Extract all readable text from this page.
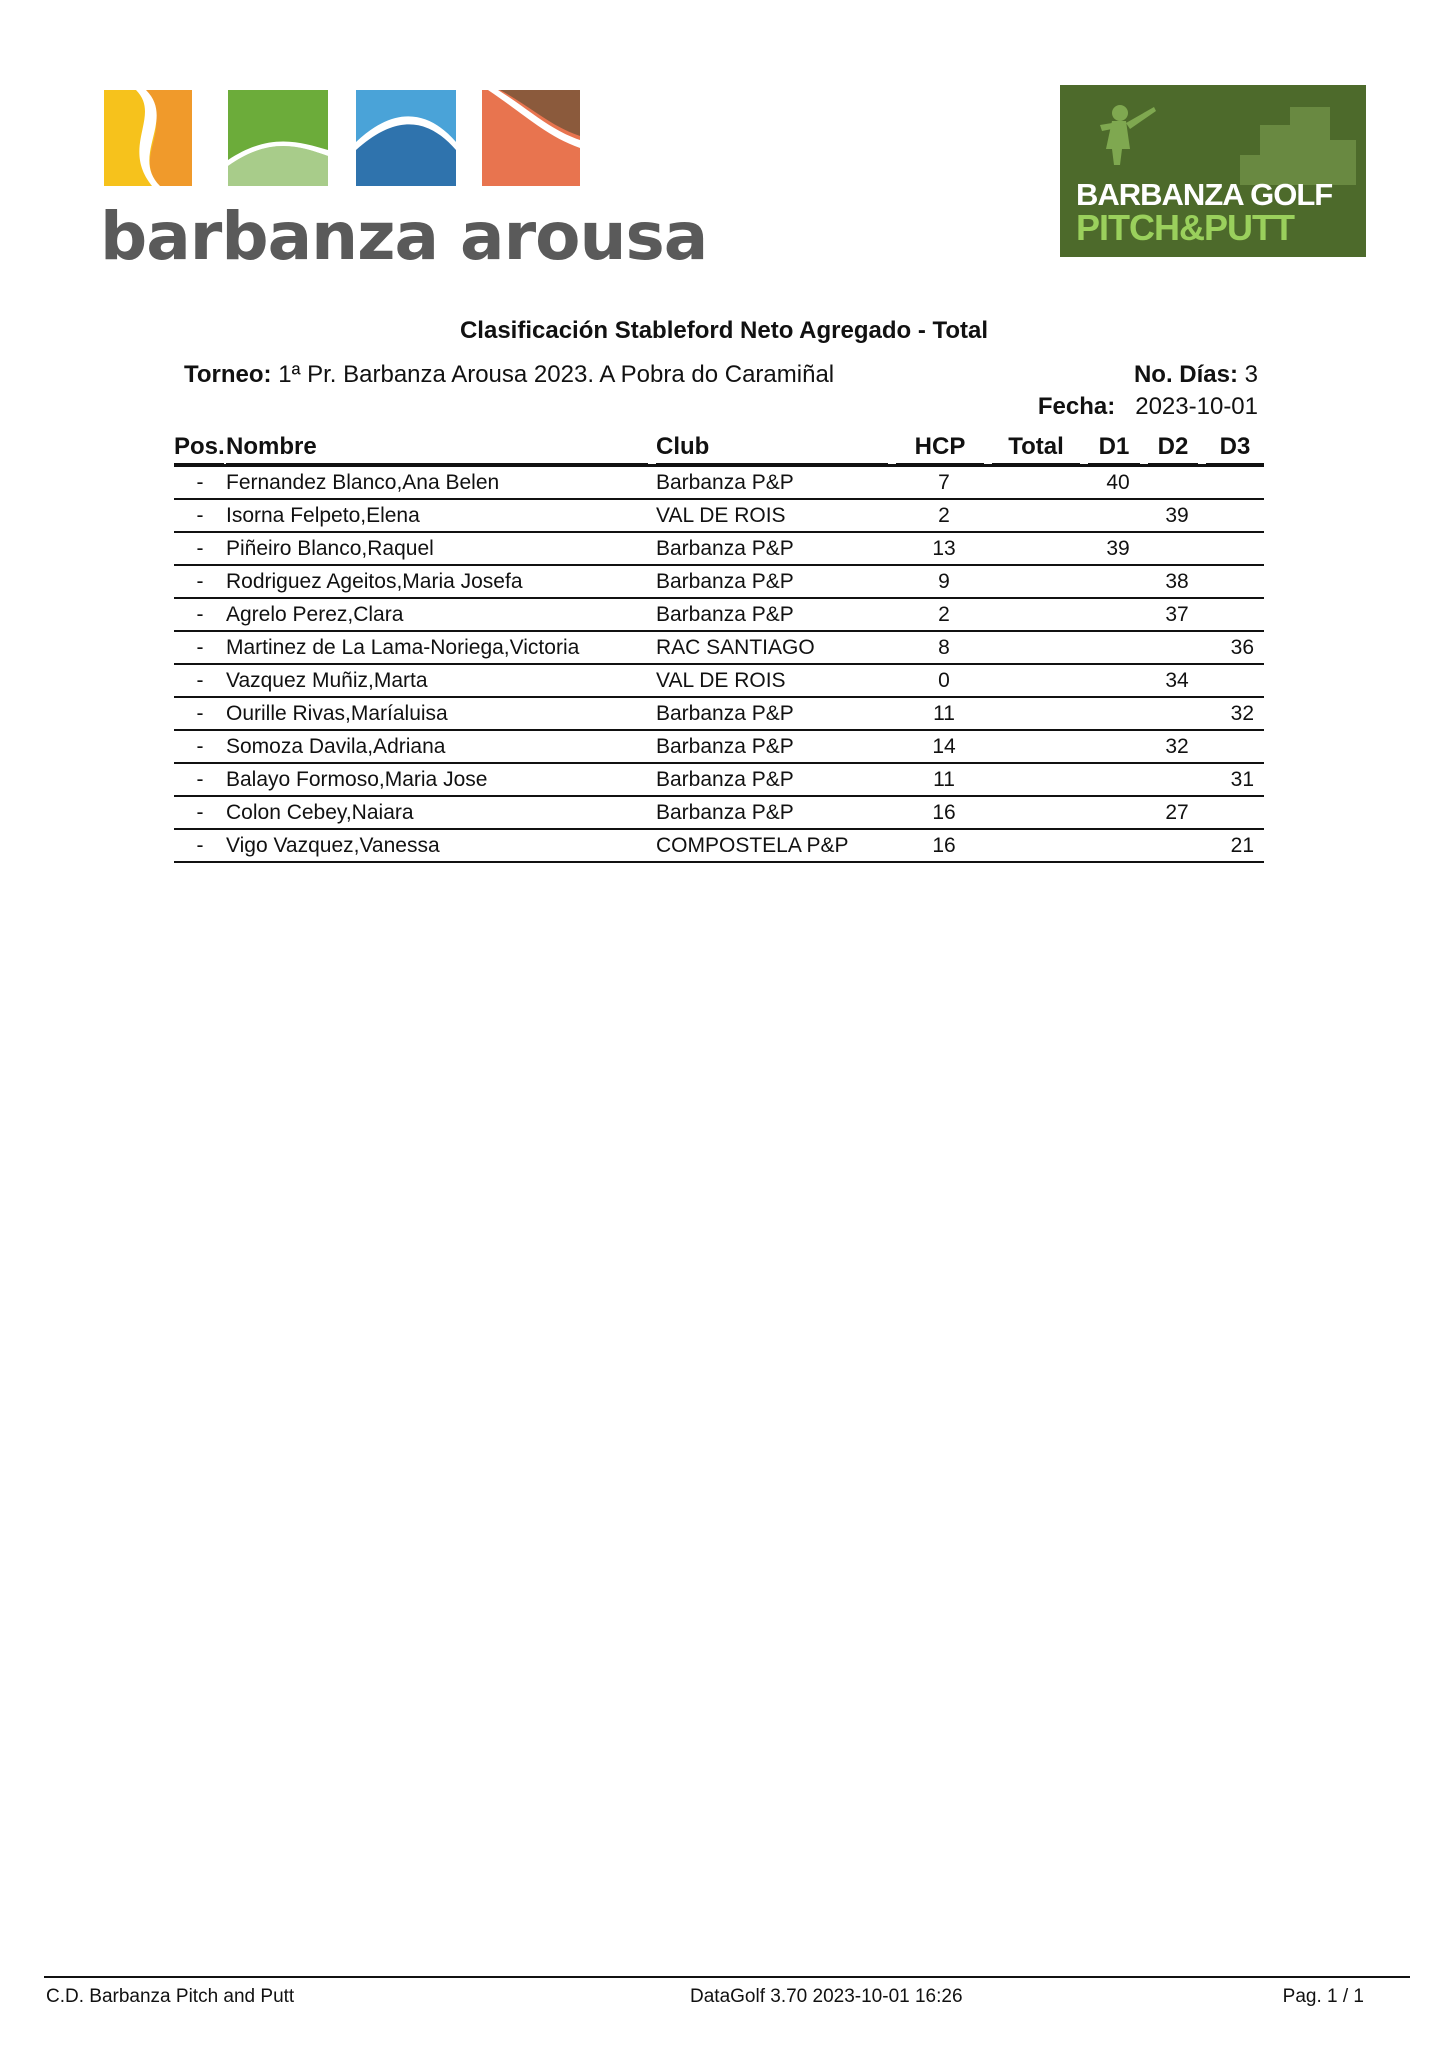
barbanza arousa
BARBANZA GOLF
PITCH&PUTT
Clasificación Stableford Neto Agregado - Total
Torneo: 1ª Pr. Barbanza Arousa 2023. A Pobra do Caramiñal	No. Días: 3
Fecha: 2023-10-01
Pos.	Nombre	Club	HCP	Total	D1	D2	D3

-	Fernandez Blanco,Ana Belen	Barbanza P&P	7		40		
-	Isorna Felpeto,Elena	VAL DE ROIS	2			39	
-	Piñeiro Blanco,Raquel	Barbanza P&P	13		39		
-	Rodriguez Ageitos,Maria Josefa	Barbanza P&P	9			38	
-	Agrelo Perez,Clara	Barbanza P&P	2			37	
-	Martinez de La Lama-Noriega,Victoria	RAC SANTIAGO	8				36
-	Vazquez Muñiz,Marta	VAL DE ROIS	0			34	
-	Ourille Rivas,Maríaluisa	Barbanza P&P	11				32
-	Somoza Davila,Adriana	Barbanza P&P	14			32	
-	Balayo Formoso,Maria Jose	Barbanza P&P	11				31
-	Colon Cebey,Naiara	Barbanza P&P	16			27	
-	Vigo Vazquez,Vanessa	COMPOSTELA P&P	16				21
C.D. Barbanza Pitch and Putt	DataGolf 3.70 2023-10-01 16:26	Pag. 1 / 1
